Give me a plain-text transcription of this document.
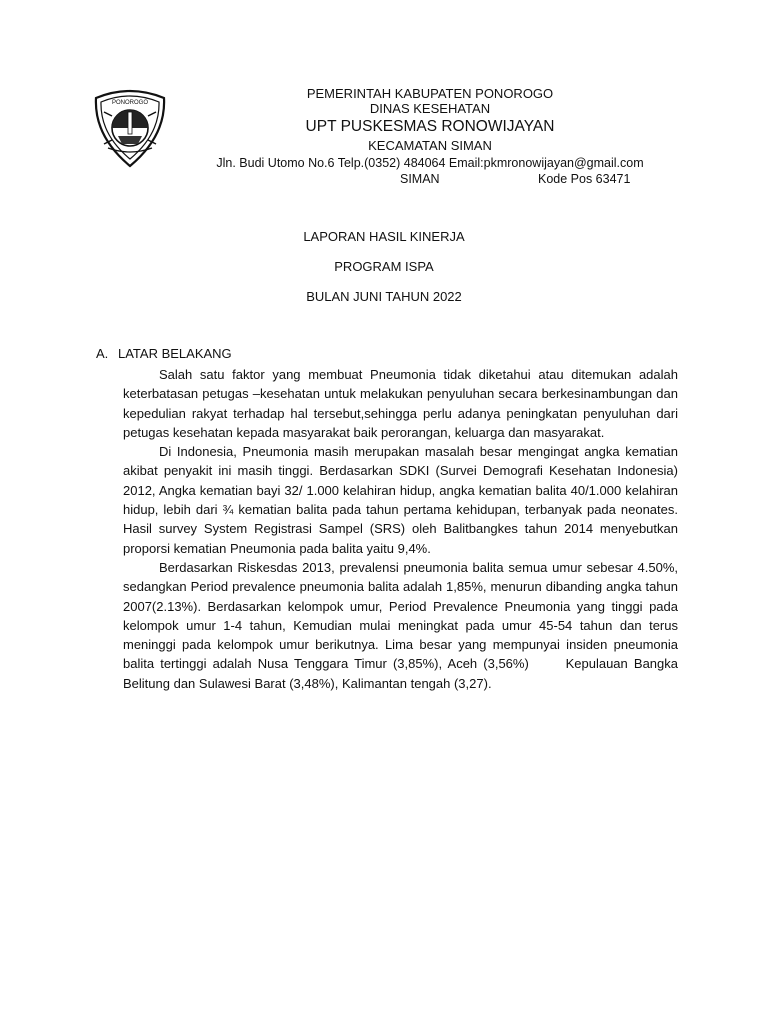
PONOROGO
PEMERINTAH KABUPATEN PONOROGO
DINAS KESEHATAN
UPT PUSKESMAS RONOWIJAYAN
KECAMATAN SIMAN
Jln. Budi Utomo No.6 Telp.(0352) 484064 Email:pkmronowijayan@gmail.com
SIMAN	Kode Pos 63471
LAPORAN HASIL KINERJA
PROGRAM ISPA
BULAN JUNI TAHUN 2022
A. LATAR BELAKANG

Salah satu faktor yang membuat Pneumonia tidak diketahui atau ditemukan adalah keterbatasan petugas –kesehatan untuk melakukan penyuluhan secara berkesinambungan dan kepedulian rakyat terhadap hal tersebut,sehingga perlu adanya peningkatan penyuluhan dari petugas kesehatan kepada masyarakat baik perorangan, keluarga dan masyarakat.

Di Indonesia, Pneumonia masih merupakan masalah besar mengingat angka kematian akibat penyakit ini masih tinggi. Berdasarkan SDKI (Survei Demografi Kesehatan Indonesia) 2012, Angka kematian bayi 32/ 1.000 kelahiran hidup, angka kematian balita 40/1.000 kelahiran hidup, lebih dari ¾ kematian balita pada tahun pertama kehidupan, terbanyak pada neonates. Hasil survey System Registrasi Sampel (SRS) oleh Balitbangkes tahun 2014 menyebutkan proporsi kematian Pneumonia pada balita yaitu 9,4%.

Berdasarkan Riskesdas 2013, prevalensi pneumonia balita semua umur sebesar 4.50%, sedangkan Period prevalence pneumonia balita adalah 1,85%, menurun dibanding angka tahun 2007(2.13%). Berdasarkan kelompok umur, Period Prevalence Pneumonia yang tinggi pada kelompok umur 1-4 tahun, Kemudian mulai meningkat pada umur 45-54 tahun dan terus meninggi pada kelompok umur berikutnya. Lima besar yang mempunyai insiden pneumonia balita tertinggi adalah Nusa Tenggara Timur (3,85%), Aceh (3,56%)      Kepulauan Bangka Belitung dan Sulawesi Barat (3,48%), Kalimantan tengah (3,27).
